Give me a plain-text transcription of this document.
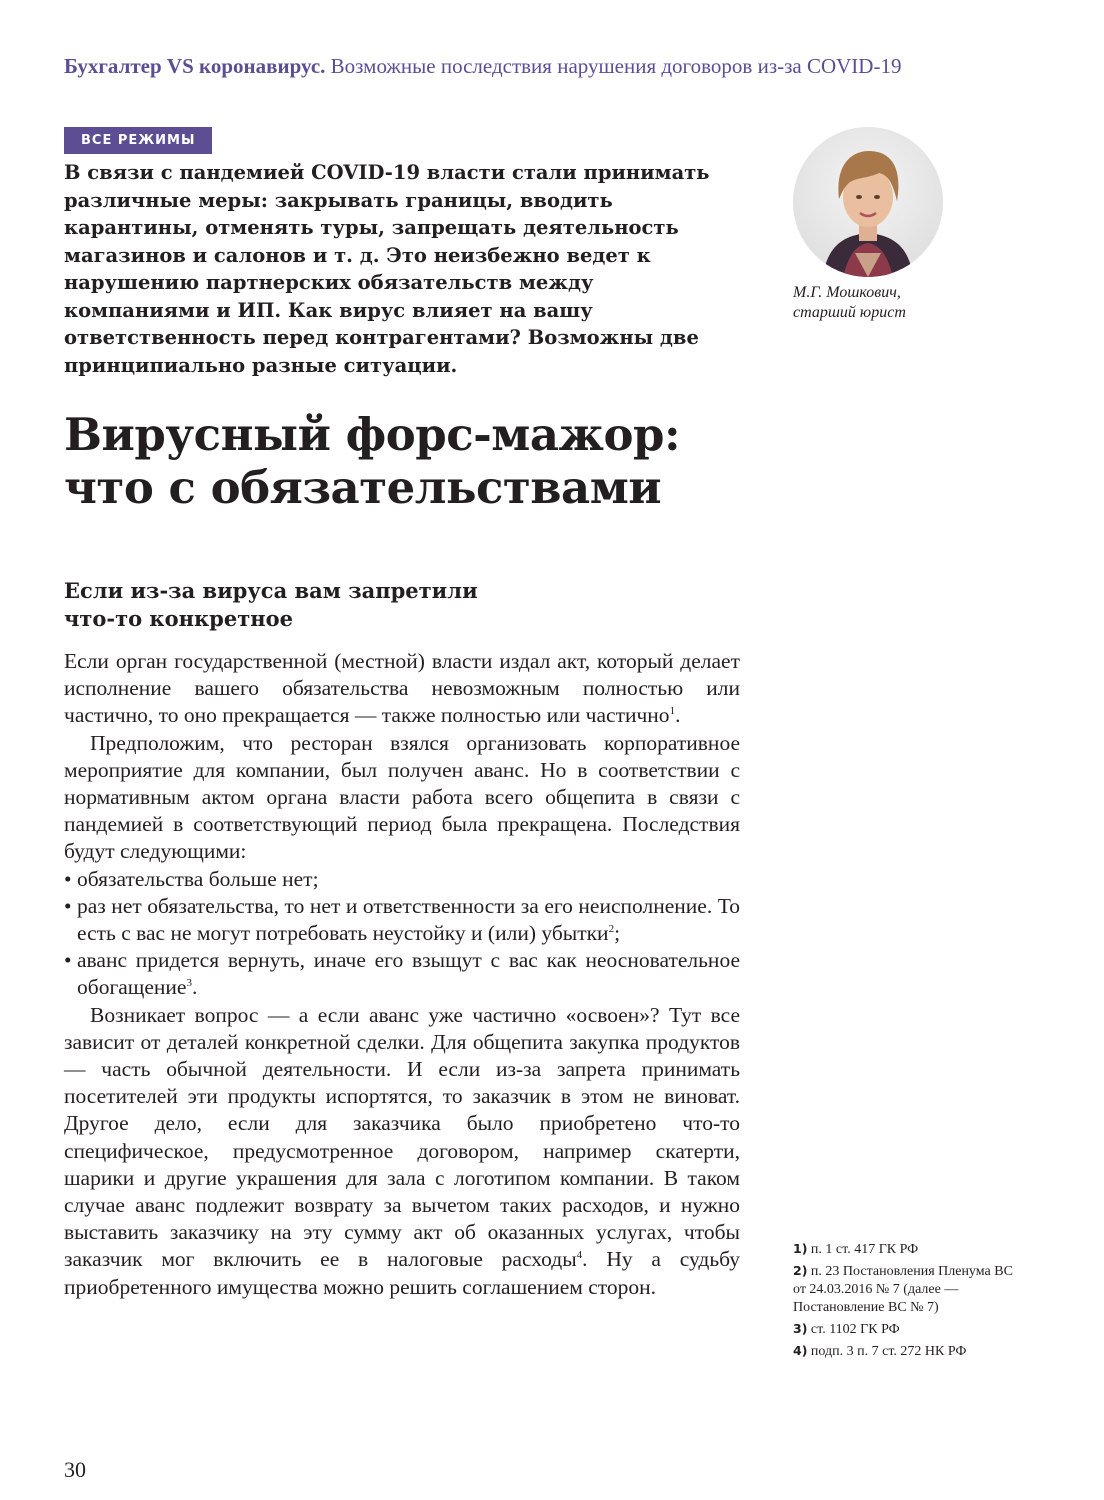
Бухгалтер VS коронавирус. Возможные последствия нарушения договоров из-за COVID-19
ВСЕ РЕЖИМЫ
В связи с пандемией COVID-19 власти стали принимать различные меры: закрывать границы, вводить карантины, отменять туры, запрещать деятельность магазинов и салонов и т. д. Это неизбежно ведет к нарушению партнерских обязательств между компаниями и ИП. Как вирус влияет на вашу ответственность перед контрагентами? Возможны две принципиально разные ситуации.
М.Г. Мошкович,
старший юрист
Вирусный форс-мажор:
что с обязательствами
Если из-за вируса вам запретили
что-то конкретное

Если орган государственной (местной) власти издал акт, который делает исполнение вашего обязательства невозможным полностью или частично, то оно прекращается — также полностью или частично$^1$.

Предположим, что ресторан взялся организовать корпоративное мероприятие для компании, был получен аванс. Но в соответствии с нормативным актом органа власти работа всего общепита в связи с пандемией в соответствующий период была прекращена. Последствия будут следующими:

• обязательства больше нет;
• раз нет обязательства, то нет и ответственности за его неисполнение. То есть с вас не могут потребовать неустойку и (или) убытки$^2$;
• аванс придется вернуть, иначе его взыщут с вас как неосновательное обогащение$^3$.

Возникает вопрос — а если аванс уже частично «освоен»? Тут все зависит от деталей конкретной сделки. Для общепита закупка продуктов — часть обычной деятельности. И если из-за запрета принимать посетителей эти продукты испортятся, то заказчик в этом не виноват. Другое дело, если для заказчика было приобретено что-то специфическое, предусмотренное договором, например скатерти, шарики и другие украшения для зала с логотипом компании. В таком случае аванс подлежит возврату за вычетом таких расходов, и нужно выставить заказчику на эту сумму акт об оказанных услугах, чтобы заказчик мог включить ее в налоговые расходы$^4$. Ну а судьбу приобретенного имущества можно решить соглашением сторон.

1) п. 1 ст. 417 ГК РФ
2) п. 23 Постановления Пленума ВС от 24.03.2016 № 7 (далее — Постановление ВС № 7)
3) ст. 1102 ГК РФ
4) подп. 3 п. 7 ст. 272 НК РФ
30
